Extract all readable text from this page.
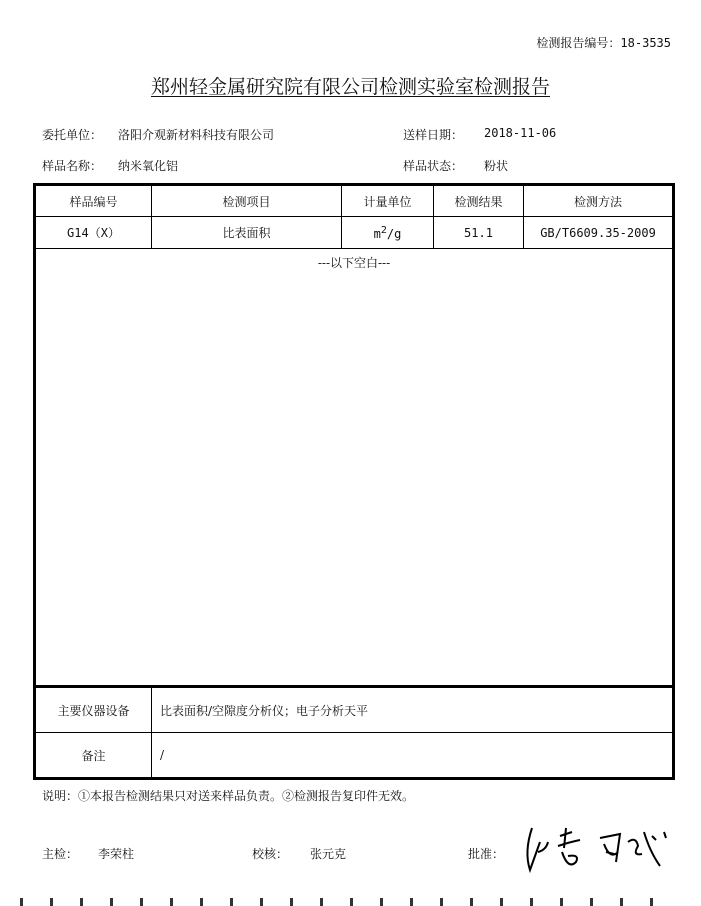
检测报告编号：18-3535
郑州轻金属研究院有限公司检测实验室检测报告
委托单位： 洛阳介观新材料科技有限公司	送样日期： 2018-11-06
样品名称： 纳米氧化铝	样品状态： 粉状
样品编号	检测项目	计量单位	检测结果	检测方法
G14（X）	比表面积	$m^2/g$	51.1	GB/T6609.35-2009

---以下空白---				

主要仪器设备	比表面积/空隙度分析仪；电子分析天平			
备注	/			
说明：①本报告检测结果只对送来样品负责。②检测报告复印件无效。
主检： 李荣柱	校核： 张元克	批准：
